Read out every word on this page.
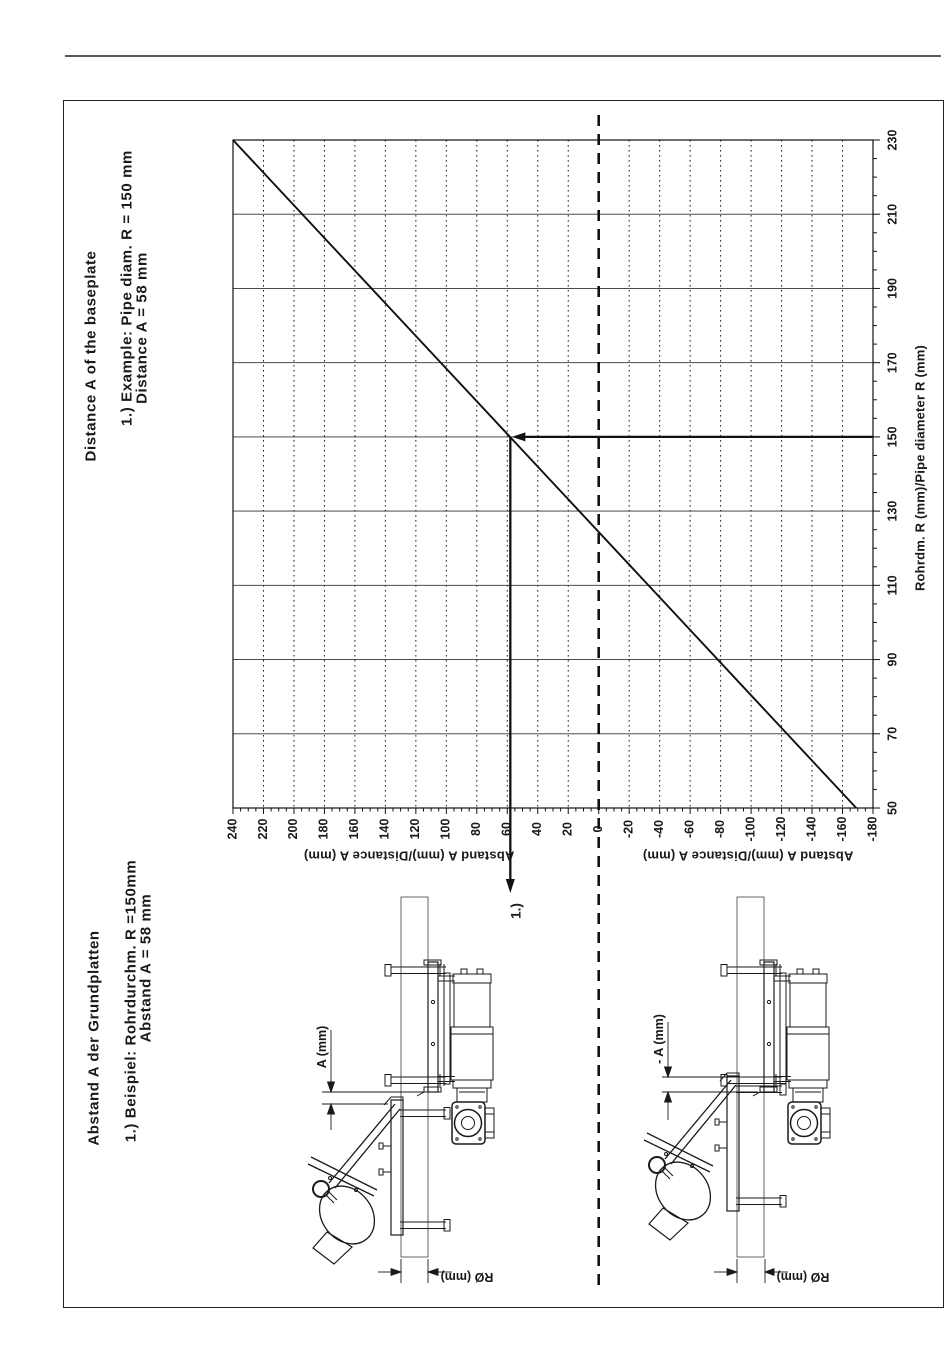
Distance A of the baseplate 1.) Example: Pipe diam. R = 150 mm
Distance A = 58 mm
Abstand A der Grundplatten 1.) Beispiel: Rohrdurchm. R =150mm
Abstand A = 58 mm
Rohrdm. R (mm)/Pipe diameter R (mm)
Abstand A (mm)/Distance A (mm)	Abstand A (mm)/Distance A (mm)
1.)
A (mm)	- A (mm)
RØ (mm)	RØ (mm)
230
210
190
170
150
130
110
90
70
50
240 220 200 180 160 140 120 100 80 60 40 20 0 -20 -40 -60 -80 -100 -120 -140 -160 -180
